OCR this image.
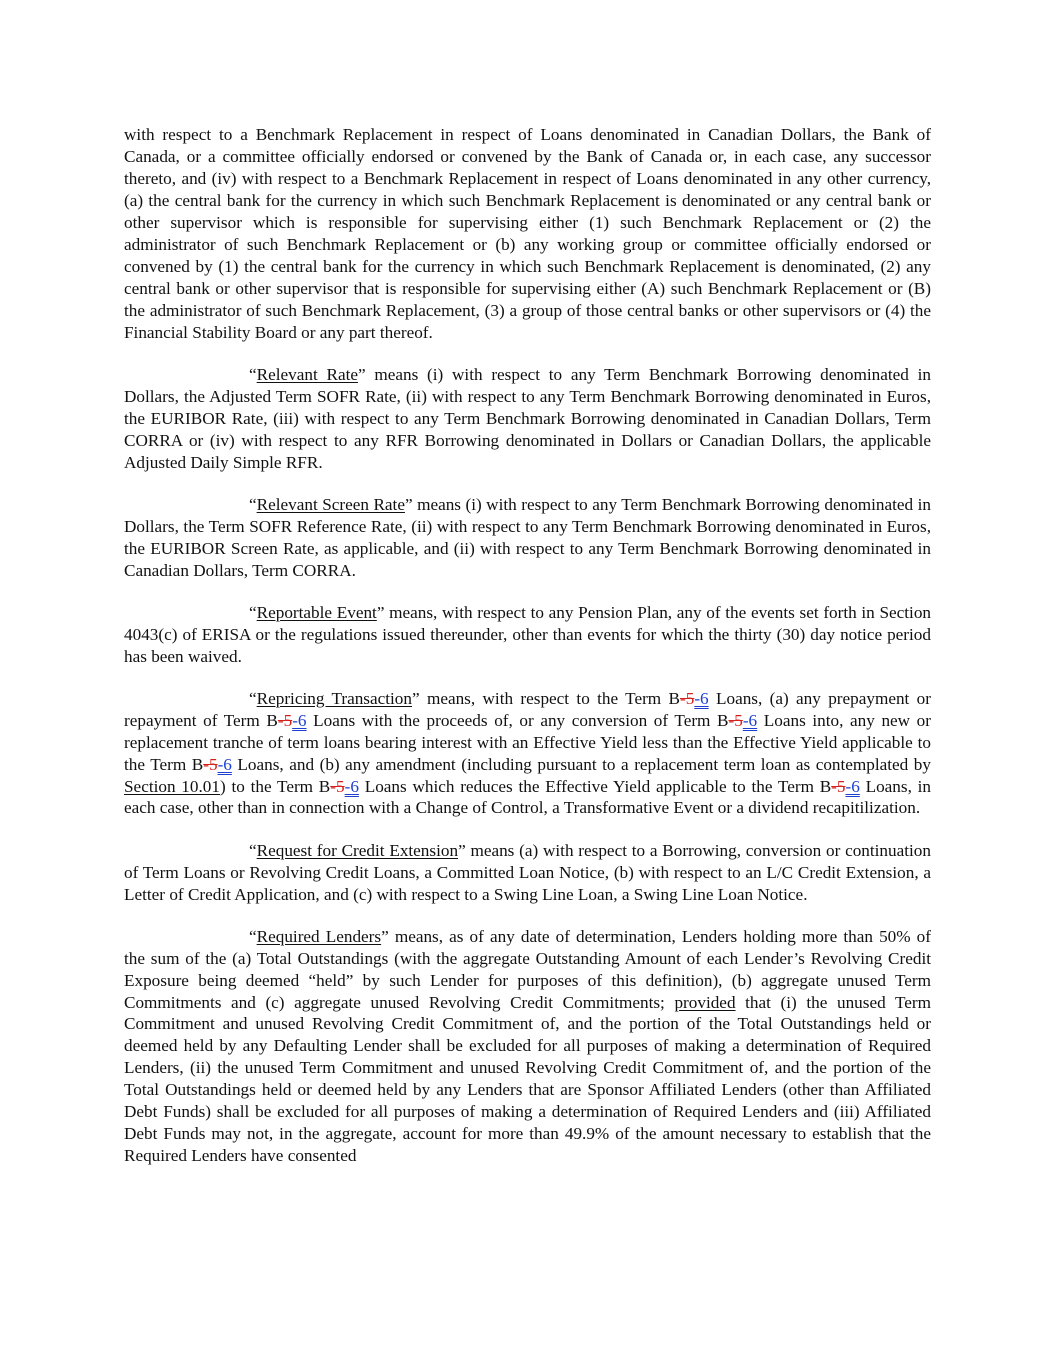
with respect to a Benchmark Replacement in respect of Loans denominated in Canadian Dollars, the Bank of Canada, or a committee officially endorsed or convened by the Bank of Canada or, in each case, any successor thereto, and (iv) with respect to a Benchmark Replacement in respect of Loans denominated in any other currency, (a) the central bank for the currency in which such Benchmark Replacement is denominated or any central bank or other supervisor which is responsible for supervising either (1) such Benchmark Replacement or (2) the administrator of such Benchmark Replacement or (b) any working group or committee officially endorsed or convened by (1) the central bank for the currency in which such Benchmark Replacement is denominated, (2) any central bank or other supervisor that is responsible for supervising either (A) such Benchmark Replacement or (B) the administrator of such Benchmark Replacement, (3) a group of those central banks or other supervisors or (4) the Financial Stability Board or any part thereof.

“Relevant Rate” means (i) with respect to any Term Benchmark Borrowing denominated in Dollars, the Adjusted Term SOFR Rate, (ii) with respect to any Term Benchmark Borrowing denominated in Euros, the EURIBOR Rate, (iii) with respect to any Term Benchmark Borrowing denominated in Canadian Dollars, Term CORRA or (iv) with respect to any RFR Borrowing denominated in Dollars or Canadian Dollars, the applicable Adjusted Daily Simple RFR.

“Relevant Screen Rate” means (i) with respect to any Term Benchmark Borrowing denominated in Dollars, the Term SOFR Reference Rate, (ii) with respect to any Term Benchmark Borrowing denominated in Euros, the EURIBOR Screen Rate, as applicable, and (ii) with respect to any Term Benchmark Borrowing denominated in Canadian Dollars, Term CORRA.

“Reportable Event” means, with respect to any Pension Plan, any of the events set forth in Section 4043(c) of ERISA or the regulations issued thereunder, other than events for which the thirty (30) day notice period has been waived.

“Repricing Transaction” means, with respect to the Term B-5-6 Loans, (a) any prepayment or repayment of Term B-5-6 Loans with the proceeds of, or any conversion of Term B-5-6 Loans into, any new or replacement tranche of term loans bearing interest with an Effective Yield less than the Effective Yield applicable to the Term B-5-6 Loans, and (b) any amendment (including pursuant to a replacement term loan as contemplated by Section 10.01) to the Term B-5-6 Loans which reduces the Effective Yield applicable to the Term B-5-6 Loans, in each case, other than in connection with a Change of Control, a Transformative Event or a dividend recapitilization.

“Request for Credit Extension” means (a) with respect to a Borrowing, conversion or continuation of Term Loans or Revolving Credit Loans, a Committed Loan Notice, (b) with respect to an L/C Credit Extension, a Letter of Credit Application, and (c) with respect to a Swing Line Loan, a Swing Line Loan Notice.

“Required Lenders” means, as of any date of determination, Lenders holding more than 50% of the sum of the (a) Total Outstandings (with the aggregate Outstanding Amount of each Lender’s Revolving Credit Exposure being deemed “held” by such Lender for purposes of this definition), (b) aggregate unused Term Commitments and (c) aggregate unused Revolving Credit Commitments; provided that (i) the unused Term Commitment and unused Revolving Credit Commitment of, and the portion of the Total Outstandings held or deemed held by any Defaulting Lender shall be excluded for all purposes of making a determination of Required Lenders, (ii) the unused Term Commitment and unused Revolving Credit Commitment of, and the portion of the Total Outstandings held or deemed held by any Lenders that are Sponsor Affiliated Lenders (other than Affiliated Debt Funds) shall be excluded for all purposes of making a determination of Required Lenders and (iii) Affiliated Debt Funds may not, in the aggregate, account for more than 49.9% of the amount necessary to establish that the Required Lenders have consented
